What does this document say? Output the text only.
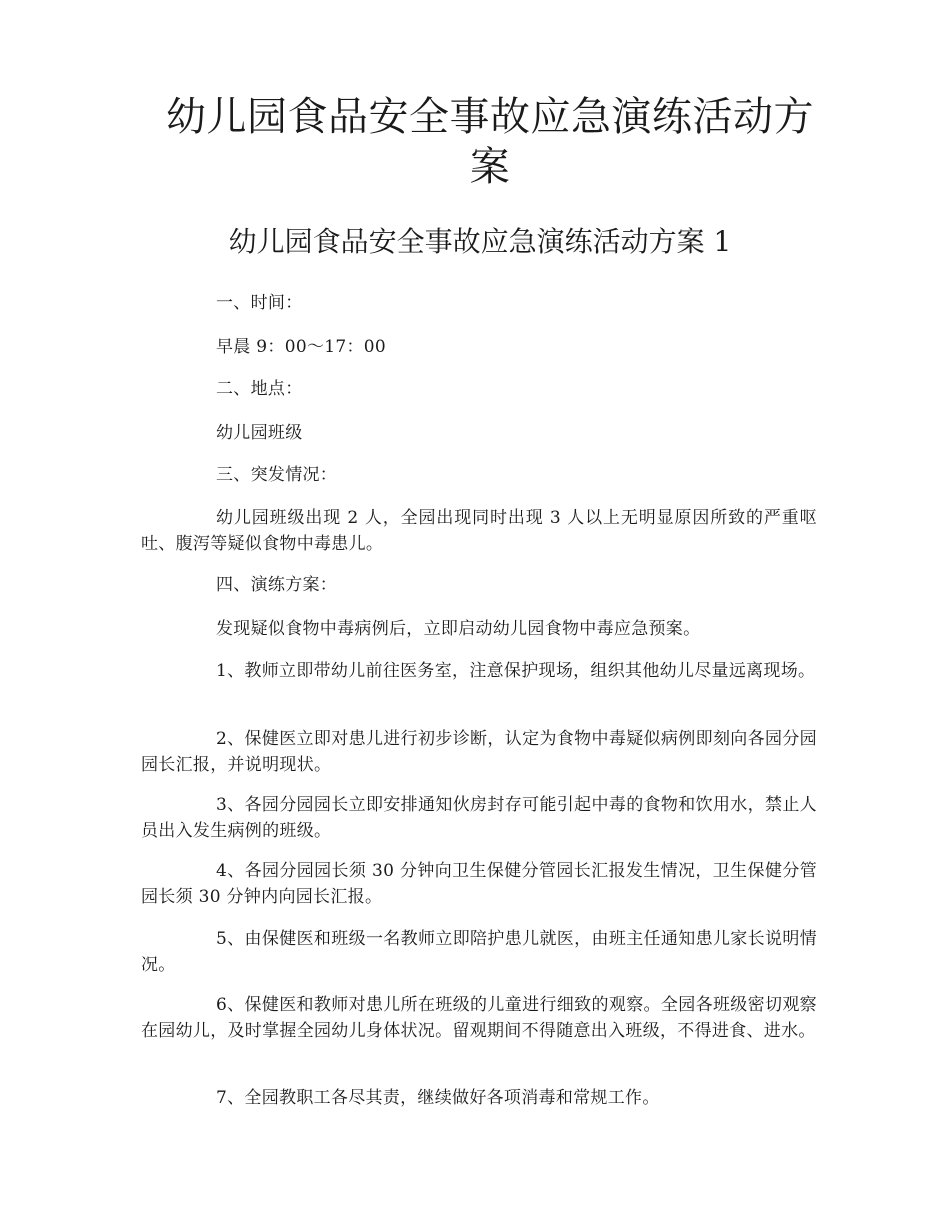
幼儿园食品安全事故应急演练活动方案
幼儿园食品安全事故应急演练活动方案 1

一、时间：

早晨 9：00～17：00

二、地点：

幼儿园班级

三、突发情况：

幼儿园班级出现 2 人，全园出现同时出现 3 人以上无明显原因所致的严重呕吐、腹泻等疑似食物中毒患儿。

四、演练方案：

发现疑似食物中毒病例后，立即启动幼儿园食物中毒应急预案。

1、教师立即带幼儿前往医务室，注意保护现场，组织其他幼儿尽量远离现场。

2、保健医立即对患儿进行初步诊断，认定为食物中毒疑似病例即刻向各园分园园长汇报，并说明现状。

3、各园分园园长立即安排通知伙房封存可能引起中毒的食物和饮用水，禁止人员出入发生病例的班级。

4、各园分园园长须 30 分钟向卫生保健分管园长汇报发生情况，卫生保健分管园长须 30 分钟内向园长汇报。

5、由保健医和班级一名教师立即陪护患儿就医，由班主任通知患儿家长说明情况。

6、保健医和教师对患儿所在班级的儿童进行细致的观察。全园各班级密切观察在园幼儿，及时掌握全园幼儿身体状况。留观期间不得随意出入班级，不得进食、进水。

7、全园教职工各尽其责，继续做好各项消毒和常规工作。
